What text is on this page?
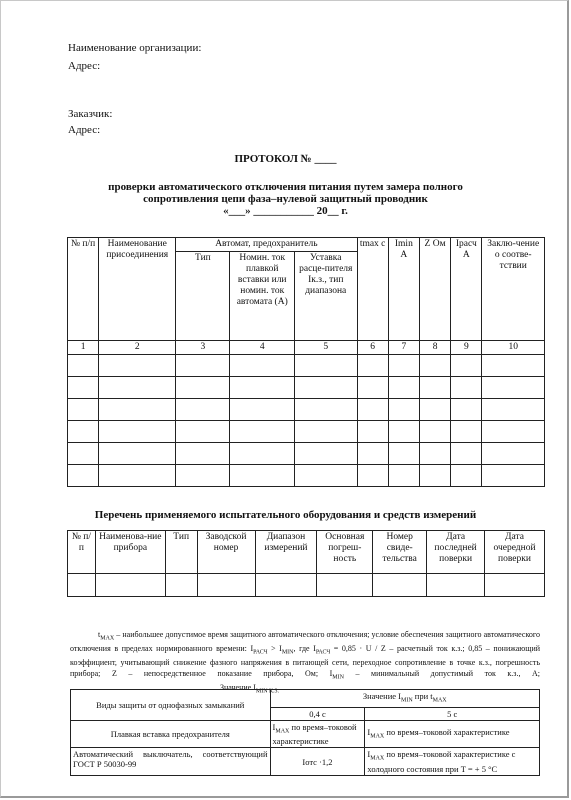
Наименование организации:
Адрес:
Заказчик:
Адрес:
ПРОТОКОЛ № ____
проверки автоматического отключения питания путем замера полного
сопротивления цепи фаза–нулевой защитный проводник
«___» ___________ 20__ г.
№ п/п	Наименование присоединения	Автомат, предохранитель			tmax с	Imin А	Z Ом	Iрасч А	Заклю-чение о соотве-тствии
		Тип	Номин. ток плавкой вставки или номин. ток автомата (А)	Уставка расце-пителя Iк.з., тип диапазона					
1	2	3	4	5	6	7	8	9	10

Перечень применяемого испытательного оборудования и средств измерений
№ п/п	Наименова-ние прибора	Тип	Заводской номер	Диапазон измерений	Основная погреш-ность	Номер свиде-тельства	Дата последней поверки	Дата очередной поверки

$t_{MAX}$ – наибольшее допустимое время защитного автоматического отключения; условие обеспечения защитного автоматического отключения в пределах нормированного времени: $I_{РАСЧ} > I_{MIN}$, где $I_{РАСЧ} = 0,85 \cdot U / Z$ – расчетный ток к.з.; 0,85 – понижающий коэффициент, учитывающий снижение фазного напряжения в питающей сети, переходное сопротивление в точке к.з., погрешность прибора; Z – непосредственное показание прибора, Ом; $I_{MIN}$ – минимальный допустимый ток к.з., А; Значение $I_{MIN К.З.}$
Виды защиты от однофазных замыканий	Значение $I_{MIN}$ при $t_{MAX}$
	0,4 с	5 с
Плавкая вставка предохранителя	$I_{MAX}$ по время–токовой характеристике	$I_{MAX}$ по время–токовой характеристике
Автоматический выключатель, соответствующий ГОСТ Р 50030-99	Iотс ·1,2	$I_{MAX}$ по время–токовой характеристике с холодного состояния при T = + 5 °C
